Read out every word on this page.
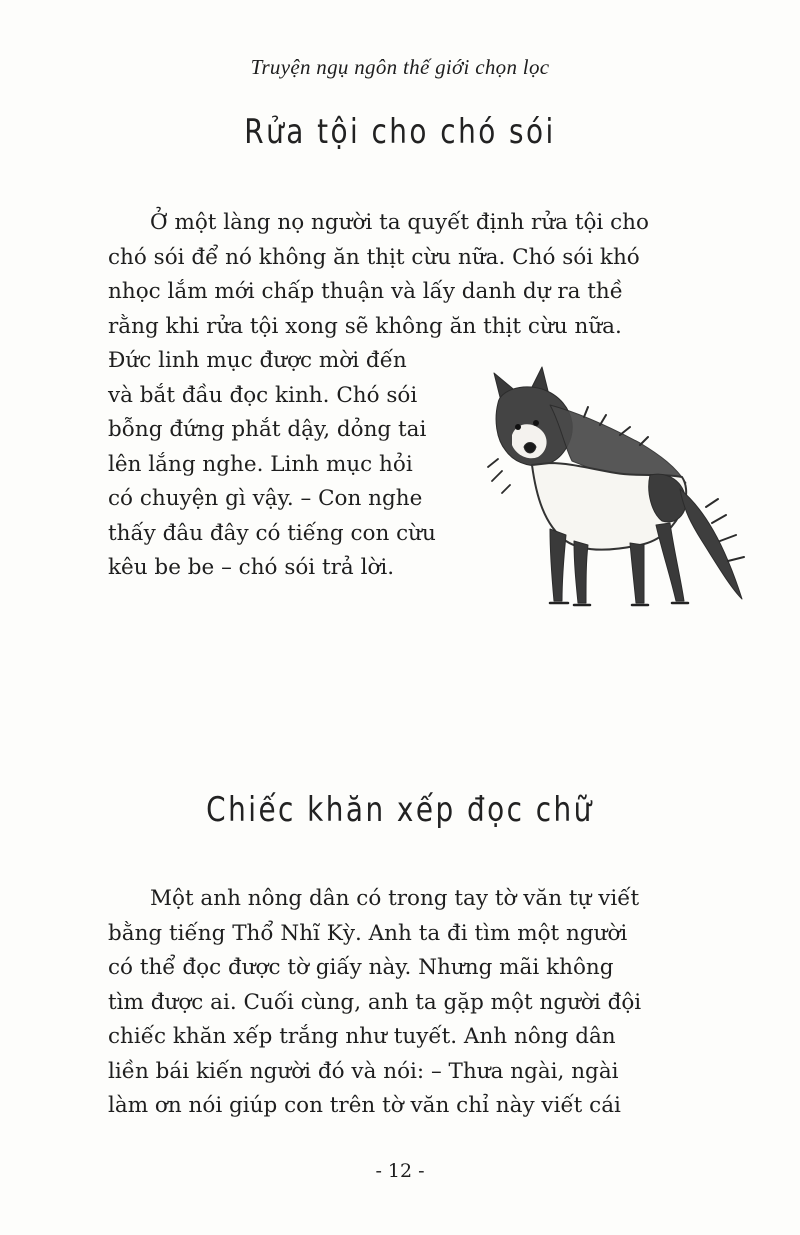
Truyện ngụ ngôn thế giới chọn lọc
Rửa tội cho chó sói

Ở một làng nọ người ta quyết định rửa tội cho
chó sói để nó không ăn thịt cừu nữa. Chó sói khó
nhọc lắm mới chấp thuận và lấy danh dự ra thề
rằng khi rửa tội xong sẽ không ăn thịt cừu nữa.
Đức linh mục được mời đến
và bắt đầu đọc kinh. Chó sói
bỗng đứng phắt dậy, dỏng tai
lên lắng nghe. Linh mục hỏi
có chuyện gì vậy. – Con nghe
thấy đâu đây có tiếng con cừu
kêu be be – chó sói trả lời.

Chiếc khăn xếp đọc chữ

Một anh nông dân có trong tay tờ văn tự viết
bằng tiếng Thổ Nhĩ Kỳ. Anh ta đi tìm một người
có thể đọc được tờ giấy này. Nhưng mãi không
tìm được ai. Cuối cùng, anh ta gặp một người đội
chiếc khăn xếp trắng như tuyết. Anh nông dân
liền bái kiến người đó và nói: – Thưa ngài, ngài
làm ơn nói giúp con trên tờ văn chỉ này viết cái

- 12 -
